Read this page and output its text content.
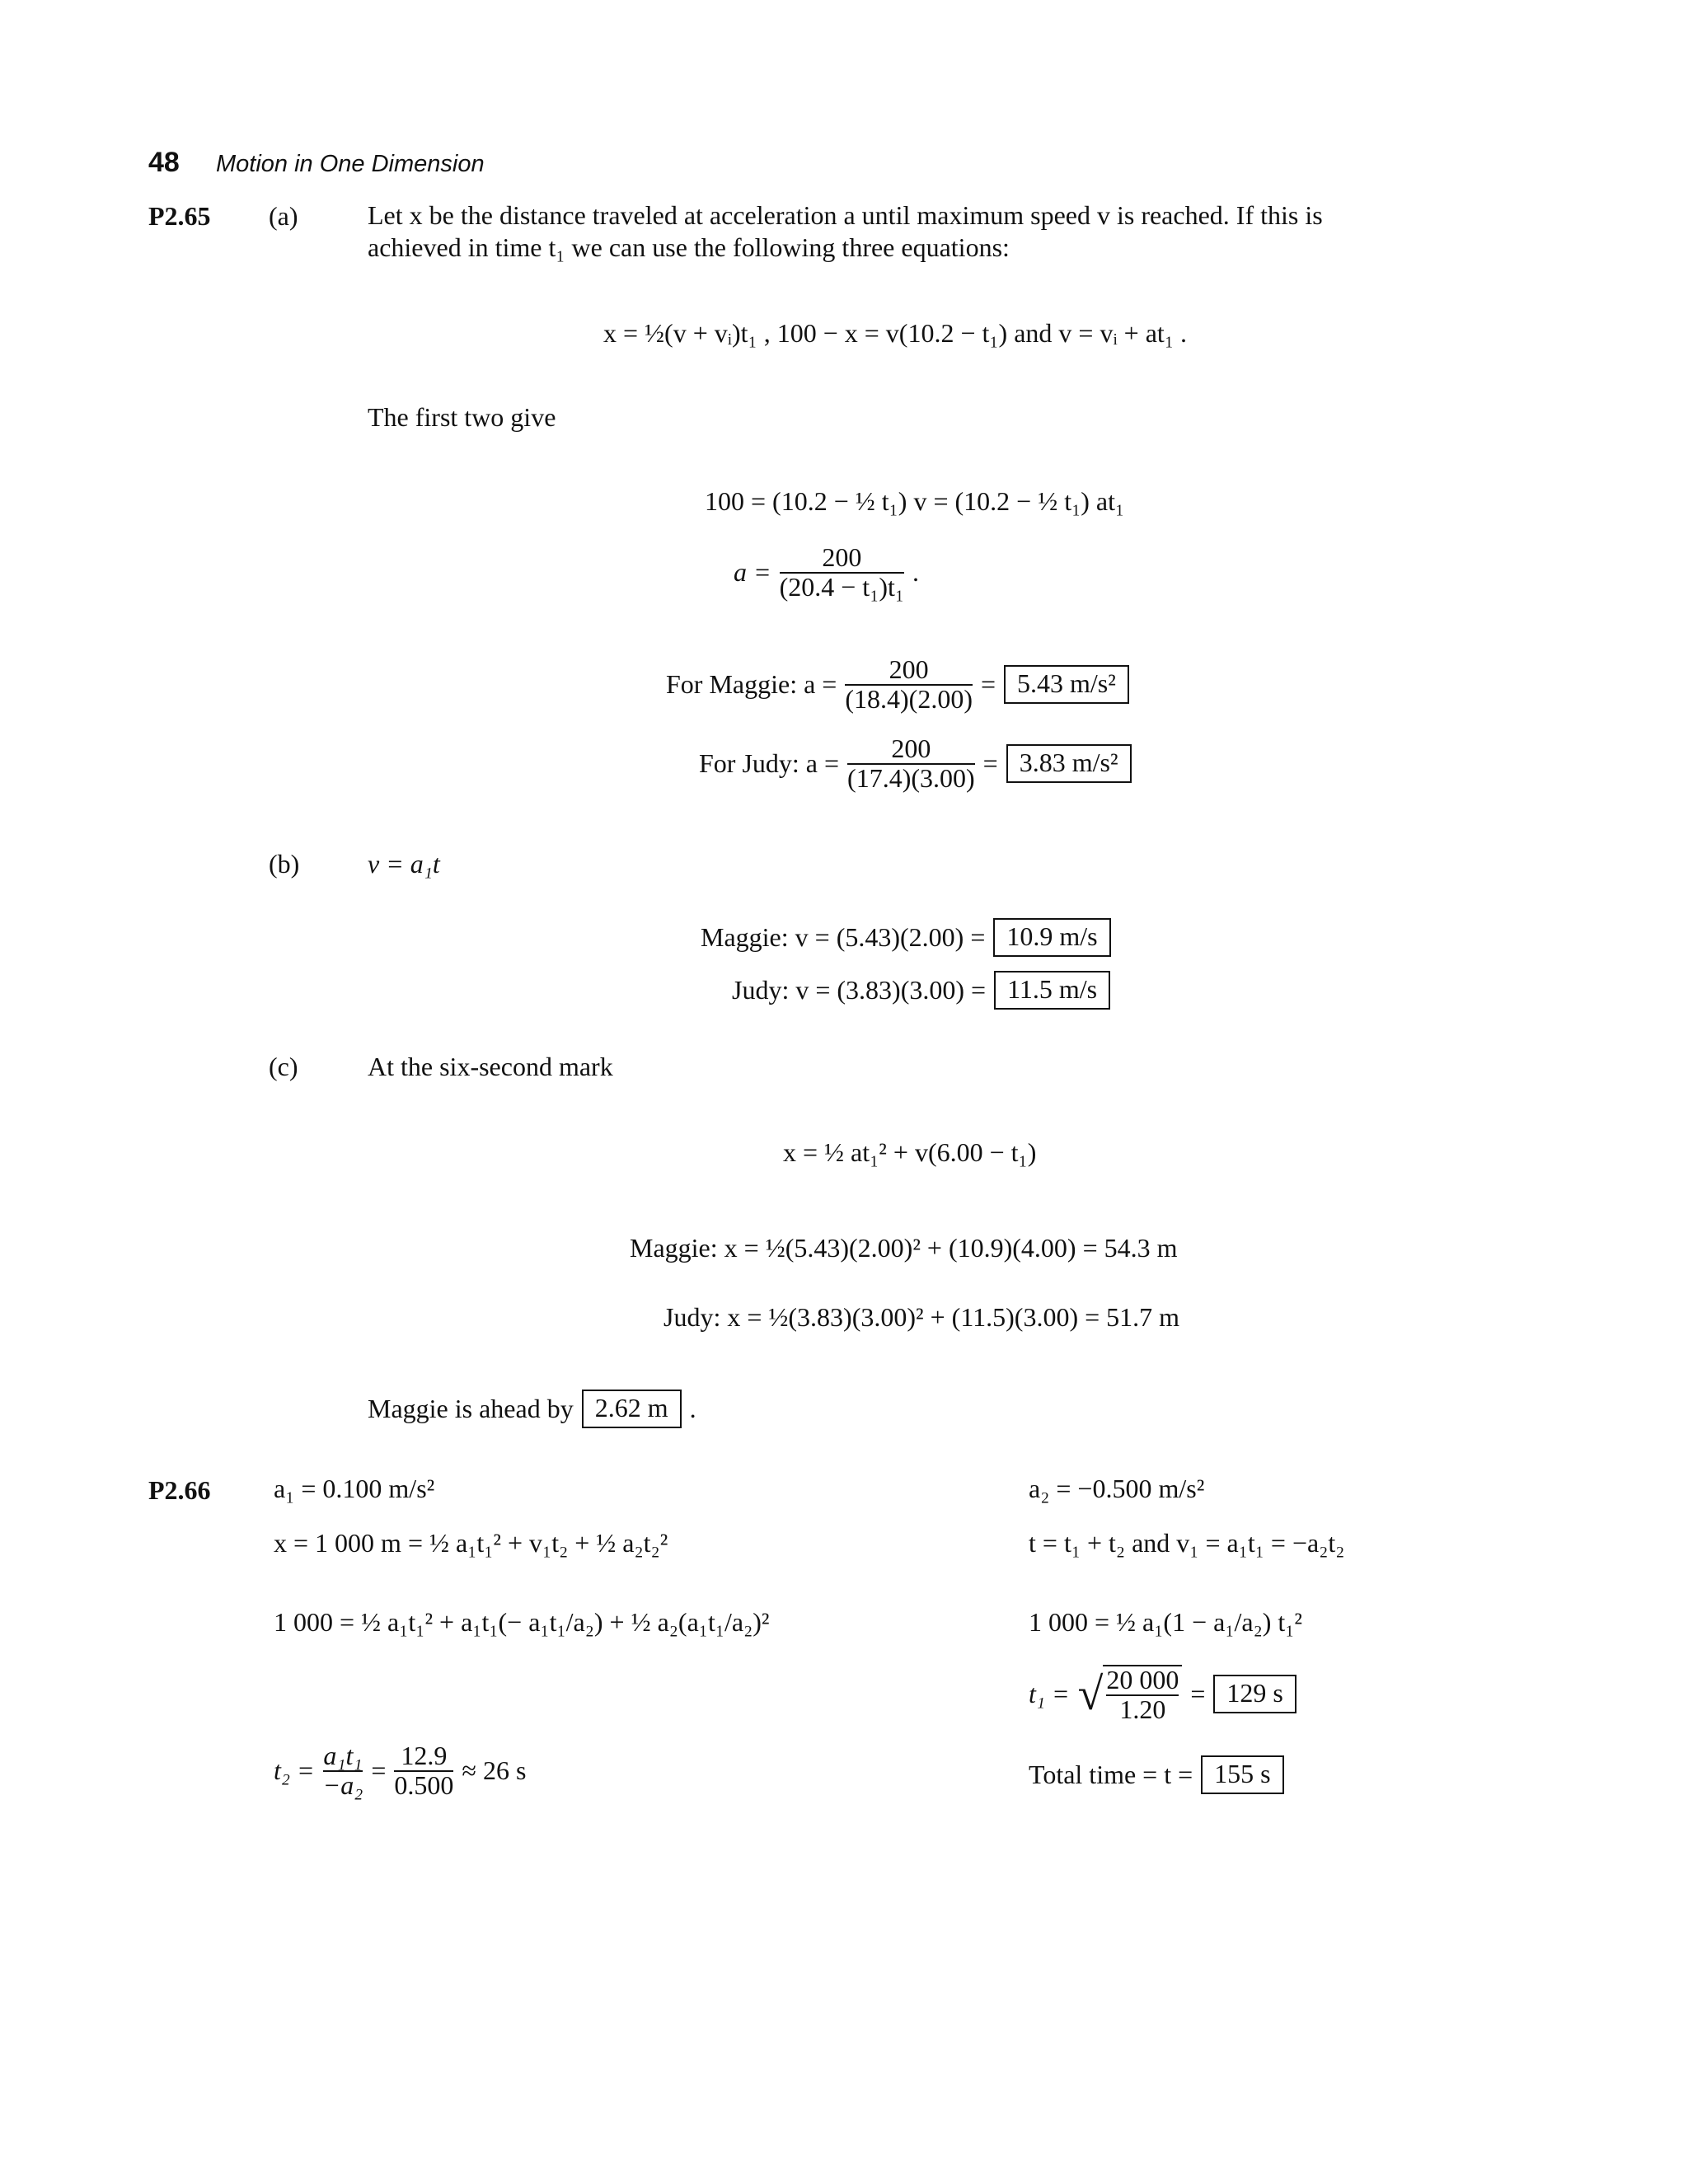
48 Motion in One Dimension
P2.65 (a)	Let x be the distance traveled at acceleration a until maximum speed v is reached. If this is
achieved in time t₁ we can use the following three equations:
x = ½(v + vᵢ)t₁ , 100 − x = v(10.2 − t₁) and v = vᵢ + at₁ .
The first two give
100 = (10.2 − ½ t₁) v = (10.2 − ½ t₁) at₁
$a = \frac{200}{\text{(20.4 − t₁)t₁}}$ .
For Maggie: $a = \frac{200}{(18.4)(2.00)} = 5.43$ m/s²
For Judy: $a = \frac{200}{(17.4)(3.00)} = 3.83$ m/s²
(b)	v = a₁t
Maggie: v = (5.43)(2.00) = 10.9 m/s
Judy: v = (3.83)(3.00) = 11.5 m/s
(c)	At the six-second mark
x = ½ at₁² + v(6.00 − t₁)
Maggie: x = ½(5.43)(2.00)² + (10.9)(4.00) = 54.3 m
Judy: x = ½(3.83)(3.00)² + (11.5)(3.00) = 51.7 m
Maggie is ahead by 2.62 m .
P2.66 a₁ = 0.100 m/s²
x = 1 000 m = ½ a₁t₁² + v₁t₂ + ½ a₂t₂²
1 000 = ½ a₁t₁² + a₁t₁(− a₁t₁/a₂) + ½ a₂(a₁t₁/a₂)²
$t_2 = \frac{\text{a₁t₁}}{\text{−a₂}} = \frac{12.9}{0.500} \approx 26$ s
a₂ = −0.500 m/s²
t = t₁ + t₂ and v₁ = a₁t₁ = −a₂t₂
1 000 = ½ a₁(1 − a₁/a₂) t₁²
t₁ = √ $\frac{20 000}{1.20} = 129$ s
Total time = t = 155 s
